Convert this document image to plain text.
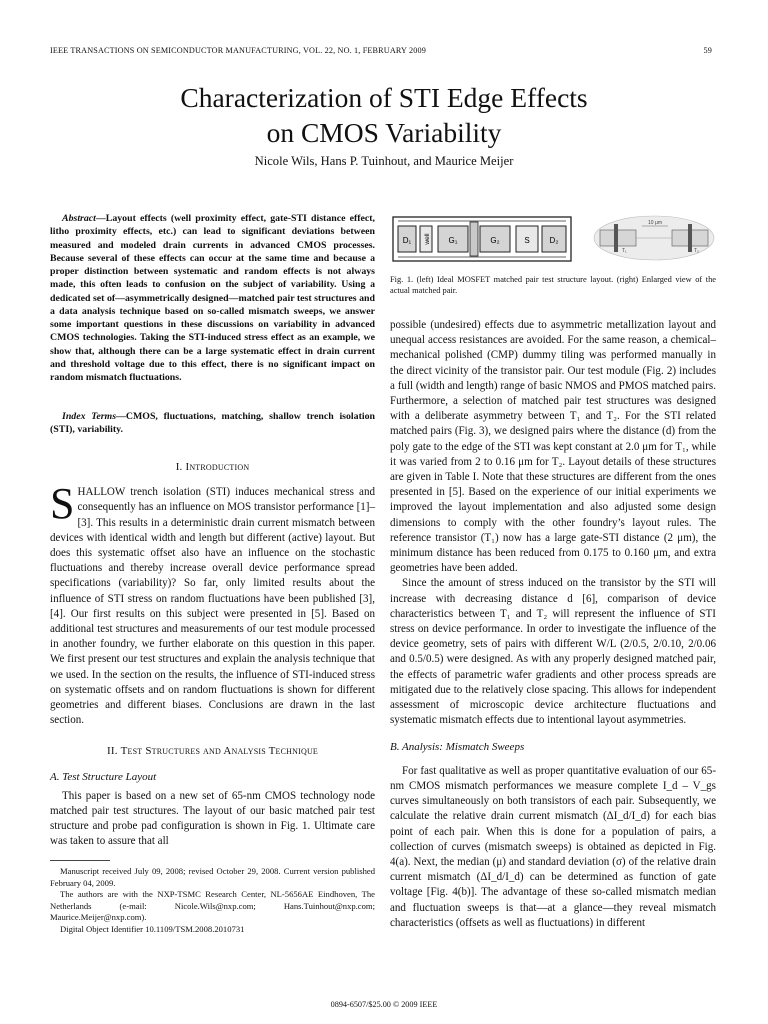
IEEE TRANSACTIONS ON SEMICONDUCTOR MANUFACTURING, VOL. 22, NO. 1, FEBRUARY 2009	59
Characterization of STI Edge Effects
on CMOS Variability
Nicole Wils, Hans P. Tuinhout, and Maurice Meijer
Abstract—Layout effects (well proximity effect, gate-STI distance effect, litho proximity effects, etc.) can lead to significant deviations between measured and modeled drain currents in advanced CMOS processes. Because several of these effects can occur at the same time and because a proper distinction between systematic and random effects is not always made, this often leads to confusion on the subject of variability. Using a dedicated set of—asymmetrically designed—matched pair test structures and a data analysis technique based on so-called mismatch sweeps, we answer some important questions in these discussions on variability in advanced CMOS technologies. Taking the STI-induced stress effect as an example, we show that, although there can be a large systematic effect in drain current and threshold voltage due to this effect, there is no significant impact on random mismatch fluctuations.
Index Terms—CMOS, fluctuations, matching, shallow trench isolation (STI), variability.
I. Introduction

SHALLOW trench isolation (STI) induces mechanical stress and consequently has an influence on MOS transistor performance [1]–[3]. This results in a deterministic drain current mismatch between devices with identical width and length but different (active) layout. But does this systematic offset also have an influence on the stochastic fluctuations and thereby increase overall device performance spread specifications (variability)? So far, only limited results about the influence of STI stress on random fluctuations have been published [3], [4]. Our first results on this subject were presented in [5]. Based on additional test structures and measurements of our test module processed in another foundry, we further elaborate on this question in this paper. We first present our test structures and explain the analysis technique that we used. In the section on the results, the influence of STI-induced stress on systematic offsets and on random fluctuations is shown for different geometries and different biases. Conclusions are drawn in the last section.

II. Test Structures and Analysis Technique
A. Test Structure Layout

This paper is based on a new set of 65-nm CMOS technology node matched pair test structures. The layout of our basic matched pair test structure and probe pad configuration is shown in Fig. 1. Ultimate care was taken to assure that all

Manuscript received July 09, 2008; revised October 29, 2008. Current version published February 04, 2009.

The authors are with the NXP-TSMC Research Center, NL-5656AE Eindhoven, The Netherlands (e-mail: Nicole.Wils@nxp.com; Hans.Tuinhout@nxp.com; Maurice.Meijer@nxp.com).

Digital Object Identifier 10.1109/TSM.2008.2010731

D₁ well G₁	G₂	S D₂
10 μm
T₁	T₂
Fig. 1. (left) Ideal MOSFET matched pair test structure layout. (right) Enlarged view of the actual matched pair.

possible (undesired) effects due to asymmetric metallization layout and unequal access resistances are avoided. For the same reason, a chemical–mechanical polished (CMP) dummy tiling was performed manually in the direct vicinity of the transistor pair. Our test module (Fig. 2) includes a full (width and length) range of basic NMOS and PMOS matched pairs. Furthermore, a selection of matched pair test structures was designed with a deliberate asymmetry between T₁ and T₂. For the STI related matched pairs (Fig. 3), we designed pairs where the distance (d) from the poly gate to the edge of the STI was kept constant at 2.0 μm for T₁, while it was varied from 2 to 0.16 μm for T₂. Layout details of these structures are given in Table I. Note that these structures are different from the ones presented in [5]. Based on the experience of our initial experiments we improved the layout implementation and also adjusted some design dimensions to comply with the other foundry’s layout rules. The reference transistor (T₁) now has a large gate-STI distance (2 μm), the minimum distance has been reduced from 0.175 to 0.160 μm, and extra geometries have been added.

Since the amount of stress induced on the transistor by the STI will increase with decreasing distance d [6], comparison of device characteristics between T₁ and T₂ will represent the influence of STI stress on device performance. In order to investigate the influence of the device geometry, sets of pairs with different W/L (2/0.5, 2/0.10, 2/0.06 and 0.5/0.5) were designed. As with any properly designed matched pair, the effects of parametric wafer gradients and other process spreads are mitigated due to the relatively close spacing. This allows for independent assessment of microscopic device architecture fluctuations and systematic mismatch effects due to intentional layout asymmetries.

B. Analysis: Mismatch Sweeps

For fast qualitative as well as proper quantitative evaluation of our 65-nm CMOS mismatch performances we measure complete I_d – V_gs curves simultaneously on both transistors of each pair. Subsequently, we calculate the relative drain current mismatch (ΔI_d/I_d) for each bias point of each pair. When this is done for a population of pairs, a collection of curves (mismatch sweeps) is obtained as depicted in Fig. 4(a). Next, the median (μ) and standard deviation (σ) of the relative drain current mismatch (ΔI_d/I_d) can be determined as function of gate voltage [Fig. 4(b)]. The advantage of these so-called mismatch median and fluctuation sweeps is that—at a glance—they reveal mismatch characteristics (offsets as well as fluctuations) in different

0894-6507/$25.00 © 2009 IEEE
